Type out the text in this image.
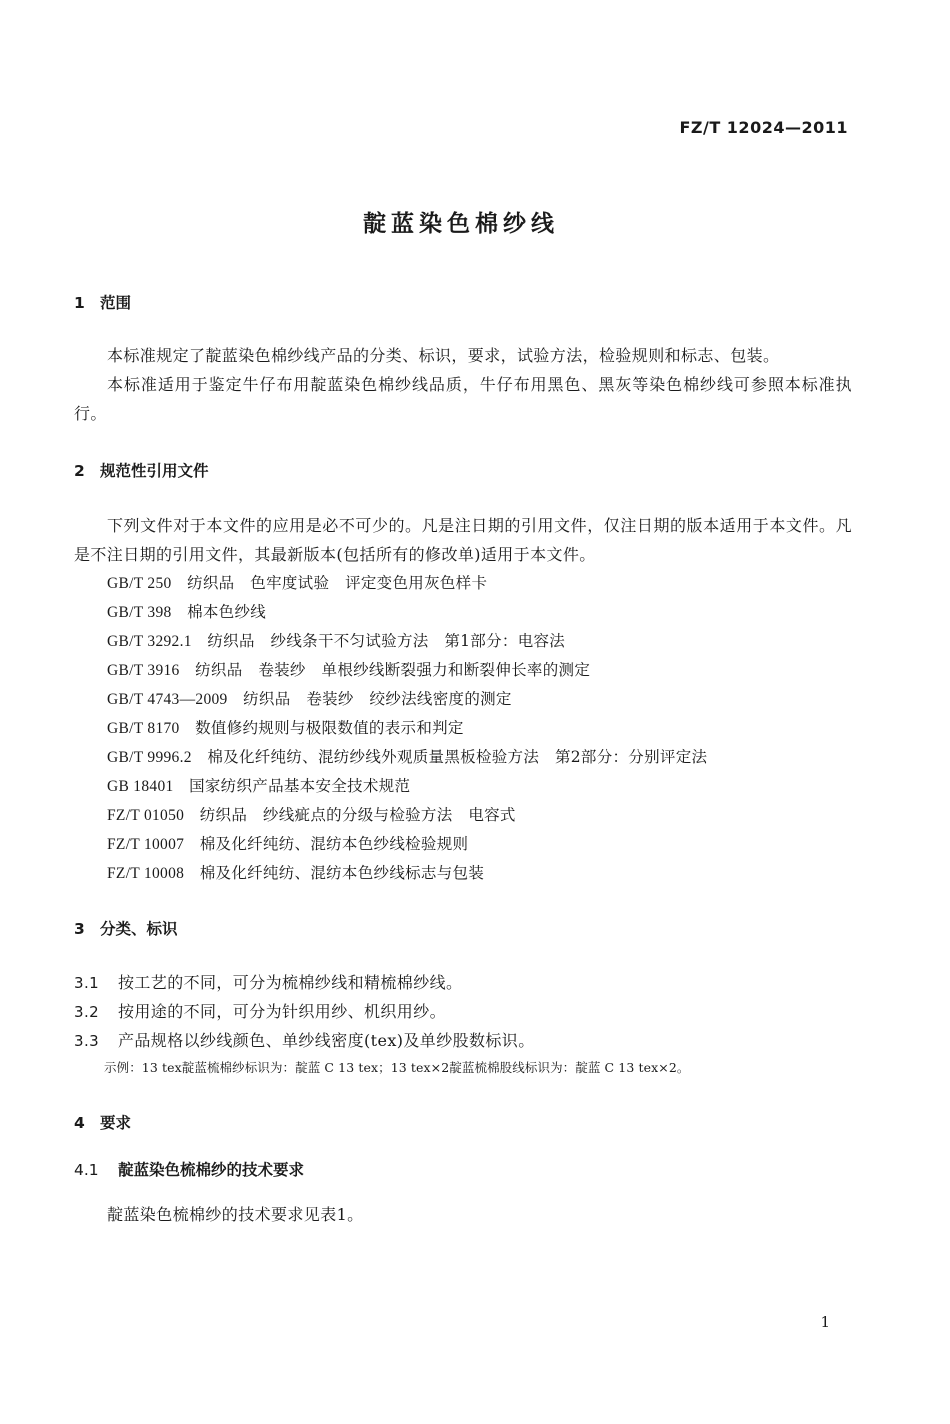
FZ/T 12024—2011
靛蓝染色棉纱线
1 范围
本标准规定了靛蓝染色棉纱线产品的分类、标识，要求，试验方法，检验规则和标志、包装。
本标准适用于鉴定牛仔布用靛蓝染色棉纱线品质，牛仔布用黑色、黑灰等染色棉纱线可参照本标准执行。
2 规范性引用文件
下列文件对于本文件的应用是必不可少的。凡是注日期的引用文件，仅注日期的版本适用于本文件。凡是不注日期的引用文件，其最新版本(包括所有的修改单)适用于本文件。
GB/T 250　 纺织品　色牢度试验　评定变色用灰色样卡
GB/T 398　 棉本色纱线
GB/T 3292.1　 纺织品　纱线条干不匀试验方法　第1部分：电容法
GB/T 3916　 纺织品　卷装纱　单根纱线断裂强力和断裂伸长率的测定
GB/T 4743—2009　 纺织品　卷装纱　绞纱法线密度的测定
GB/T 8170　 数值修约规则与极限数值的表示和判定
GB/T 9996.2　 棉及化纤纯纺、混纺纱线外观质量黑板检验方法　第2部分：分别评定法
GB 18401　 国家纺织产品基本安全技术规范
FZ/T 01050　 纺织品　纱线疵点的分级与检验方法　电容式
FZ/T 10007　 棉及化纤纯纺、混纺本色纱线检验规则
FZ/T 10008　 棉及化纤纯纺、混纺本色纱线标志与包装
3 分类、标识
3.1 按工艺的不同，可分为梳棉纱线和精梳棉纱线。
3.2 按用途的不同，可分为针织用纱、机织用纱。
3.3 产品规格以纱线颜色、单纱线密度(tex)及单纱股数标识。
示例：13 tex靛蓝梳棉纱标识为：靛蓝 C 13 tex；13 tex×2靛蓝梳棉股线标识为：靛蓝 C 13 tex×2。
4 要求
4.1 靛蓝染色梳棉纱的技术要求
靛蓝染色梳棉纱的技术要求见表1。
1
